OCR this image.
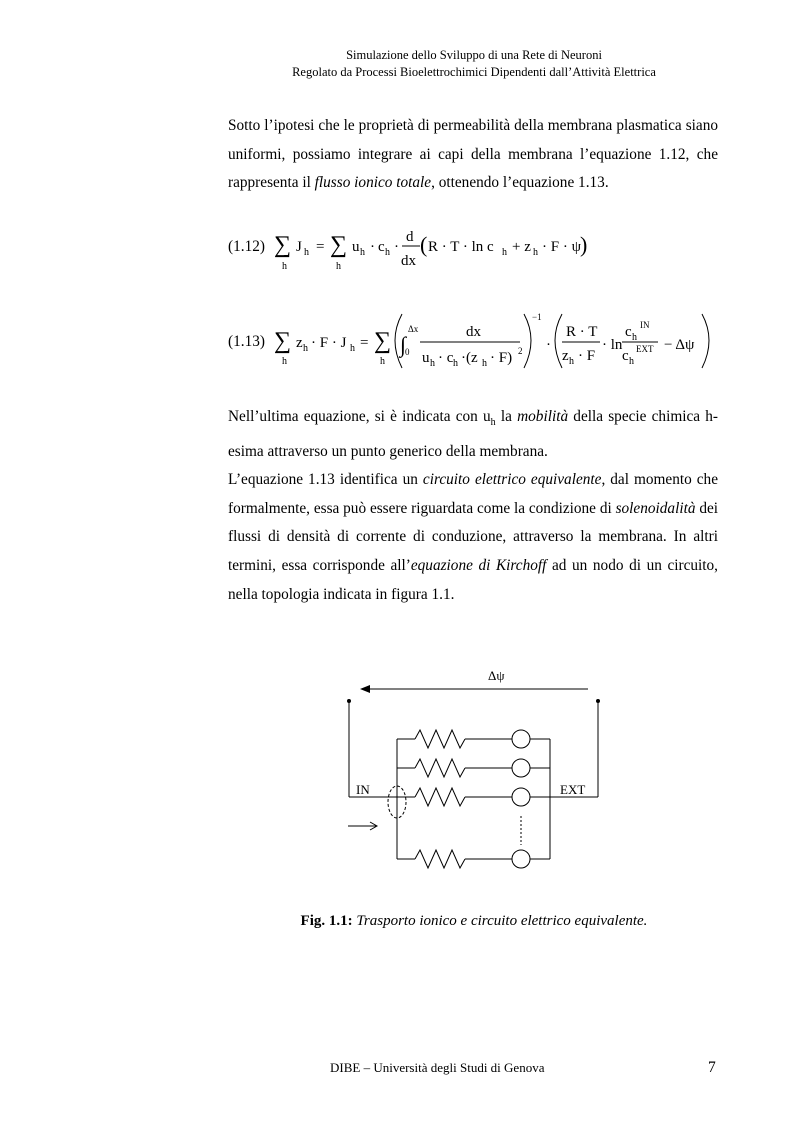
Simulazione dello Sviluppo di una Rete di Neuroni
Regolato da Processi Bioelettrochimici Dipendenti dall’Attività Elettrica

Sotto l’ipotesi che le proprietà di permeabilità della membrana plasmatica siano uniformi, possiamo integrare ai capi della membrana l’equazione 1.12, che rappresenta il flusso ionico totale, ottenendo l’equazione 1.13.

(1.12) ∑ J h = ∑ u h · c h ·
d
dx
( R · T · ln c h + z h · F · ψ )
h	h
(1.13) ∑ z h · F · J h = ∑
h	h
∫
Δx
0
dx
u h · c h ·(z h · F) 2
−1
·
R · T
z h · F
· ln
c h
IN
c h
EXT − Δψ

Nell’ultima equazione, si è indicata con $u_h$ la mobilità della specie chimica h-esima attraverso un punto generico della membrana.

L’equazione 1.13 identifica un circuito elettrico equivalente, dal momento che formalmente, essa può essere riguardata come la condizione di solenoidalità dei flussi di densità di corrente di conduzione, attraverso la membrana. In altri termini, essa corrisponde all’equazione di Kirchoff ad un nodo di un circuito, nella topologia indicata in figura 1.1.

Δψ
IN	EXT
Fig. 1.1: Trasporto ionico e circuito elettrico equivalente.
DIBE – Università degli Studi di Genova	7
